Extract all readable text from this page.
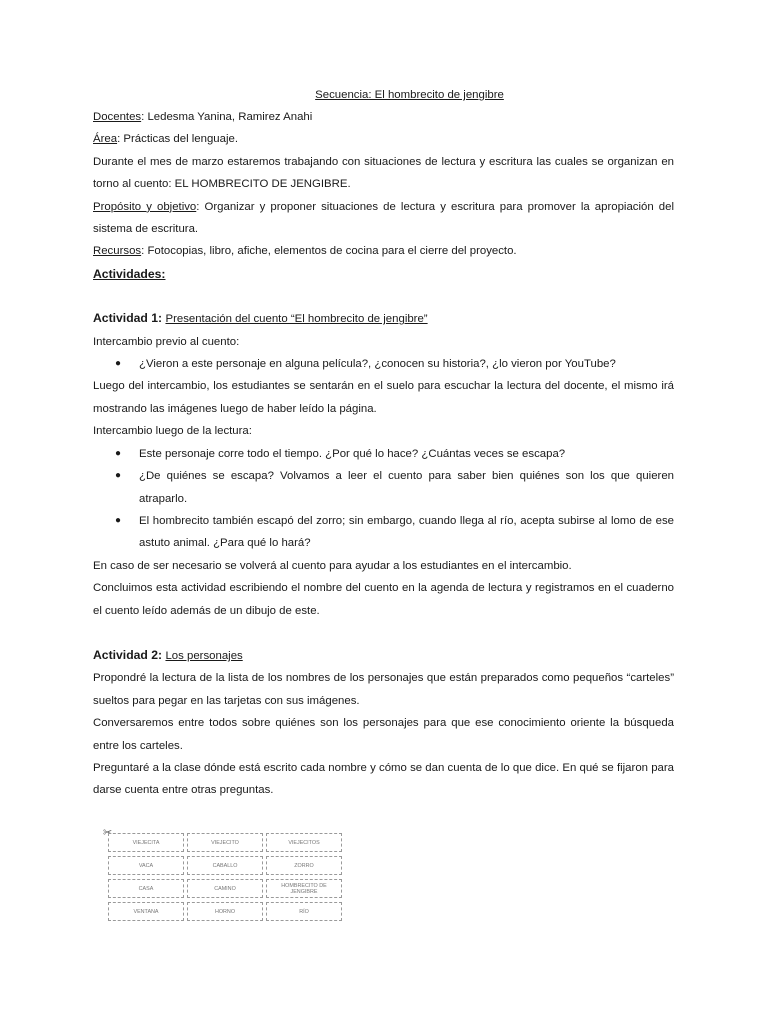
Secuencia: El hombrecito de jengibre

Docentes: Ledesma Yanina, Ramirez Anahi

Área: Prácticas del lenguaje.

Durante el mes de marzo estaremos trabajando con situaciones de lectura y escritura las cuales se organizan en torno al cuento: EL HOMBRECITO DE JENGIBRE.

Propósito y objetivo: Organizar y proponer situaciones de lectura y escritura para promover la apropiación del sistema de escritura.

Recursos: Fotocopias, libro, afiche, elementos de cocina para el cierre del proyecto.

Actividades:

Actividad 1: Presentación del cuento “El hombrecito de jengibre”

Intercambio previo al cuento:

● ¿Vieron a este personaje en alguna película?, ¿conocen su historia?, ¿lo vieron por YouTube?

Luego del intercambio, los estudiantes se sentarán en el suelo para escuchar la lectura del docente, el mismo irá mostrando las imágenes luego de haber leído la página.

Intercambio luego de la lectura:

● Este personaje corre todo el tiempo. ¿Por qué lo hace? ¿Cuántas veces se escapa?
● ¿De quiénes se escapa? Volvamos a leer el cuento para saber bien quiénes son los que quieren atraparlo.
● El hombrecito también escapó del zorro; sin embargo, cuando llega al río, acepta subirse al lomo de ese astuto animal. ¿Para qué lo hará?

En caso de ser necesario se volverá al cuento para ayudar a los estudiantes en el intercambio.

Concluimos esta actividad escribiendo el nombre del cuento en la agenda de lectura y registramos en el cuaderno el cuento leído además de un dibujo de este.

Actividad 2: Los personajes

Propondré la lectura de la lista de los nombres de los personajes que están preparados como pequeños “carteles” sueltos para pegar en las tarjetas con sus imágenes.

Conversaremos entre todos sobre quiénes son los personajes para que ese conocimiento oriente la búsqueda entre los carteles.

Preguntaré a la clase dónde está escrito cada nombre y cómo se dan cuenta de lo que dice. En qué se fijaron para darse cuenta entre otras preguntas.

✂
VIEJECITA	VIEJECITO	VIEJECITOS
VACA	CABALLO	ZORRO
CASA	CAMINO	HOMBRECITO DE JENGIBRE
VENTANA	HORNO	RÍO
